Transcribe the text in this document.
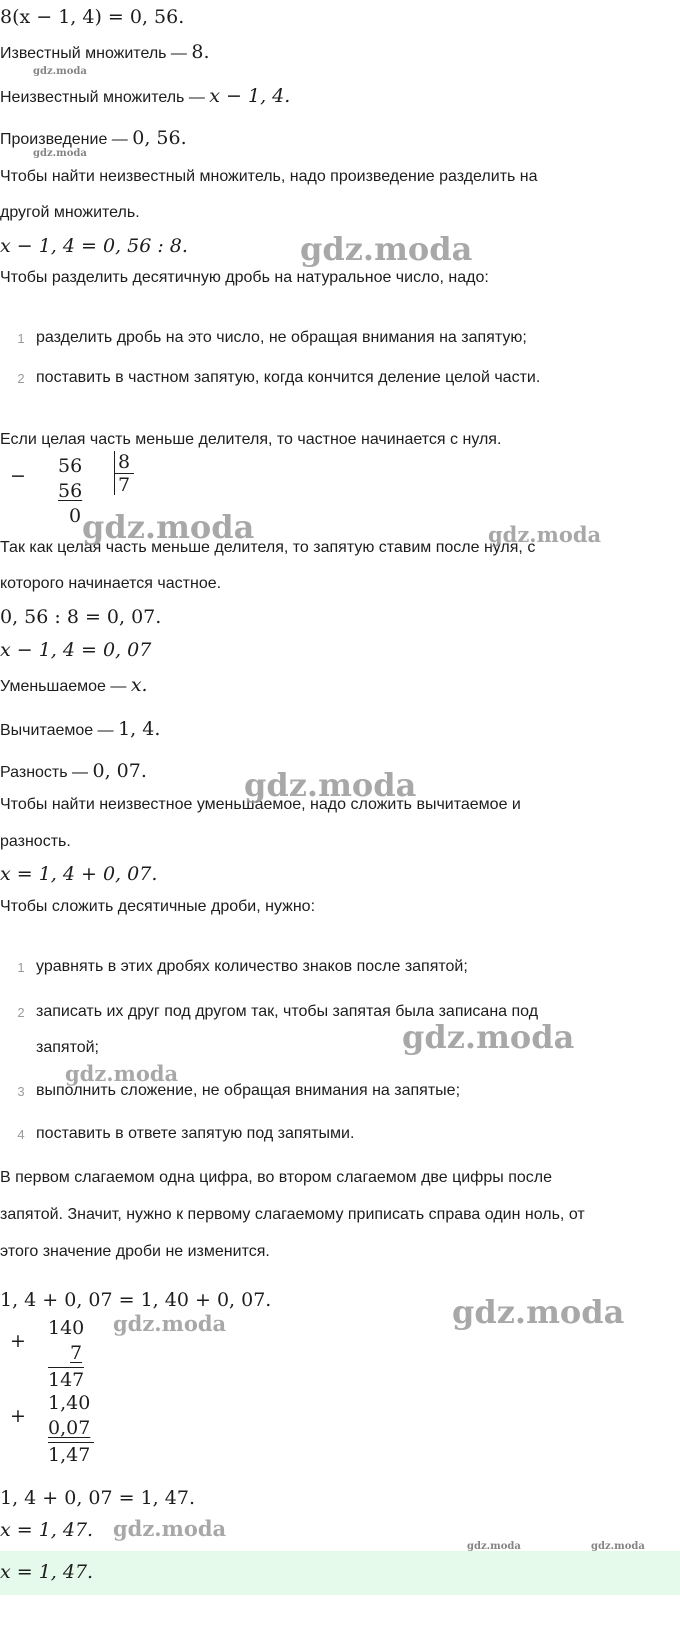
8(x − 1, 4) = 0, 56.
Известный множитель — 8.
Неизвестный множитель — x − 1, 4.
Произведение — 0, 56.
Чтобы найти неизвестный множитель, надо произведение разделить на
другой множитель.
x − 1, 4 = 0, 56 : 8.
Чтобы разделить десятичную дробь на натуральное число, надо:
1 разделить дробь на это число, не обращая внимания на запятую;
2 поставить в частном запятую, когда кончится деление целой части.
Если целая часть меньше делителя, то частное начинается с нуля.
− 56
56
0
8
7
Так как целая часть меньше делителя, то запятую ставим после нуля, с
которого начинается частное.
0, 56 : 8 = 0, 07.
x − 1, 4 = 0, 07
Уменьшаемое — x.
Вычитаемое — 1, 4.
Разность — 0, 07.
Чтобы найти неизвестное уменьшаемое, надо сложить вычитаемое и
разность.
x = 1, 4 + 0, 07.
Чтобы сложить десятичные дроби, нужно:
1 уравнять в этих дробях количество знаков после запятой;
2 записать их друг под другом так, чтобы запятая была записана под
запятой;
3 выполнить сложение, не обращая внимания на запятые;
4 поставить в ответе запятую под запятыми.
В первом слагаемом одна цифра, во втором слагаемом две цифры после
запятой. Значит, нужно к первому слагаемому приписать справа один ноль, от
этого значение дроби не изменится.
1, 4 + 0, 07 = 1, 40 + 0, 07.
+
140
7
147
+
1,40
0,07
1,47
1, 4 + 0, 07 = 1, 47.
x = 1, 47.
x = 1, 47.
gdz.moda
gdz.moda
gdz.moda
gdz.moda	gdz.moda
gdz.moda
gdz.moda
gdz.moda
gdz.moda
gdz.moda
gdz.moda
gdz.moda	gdz.moda
